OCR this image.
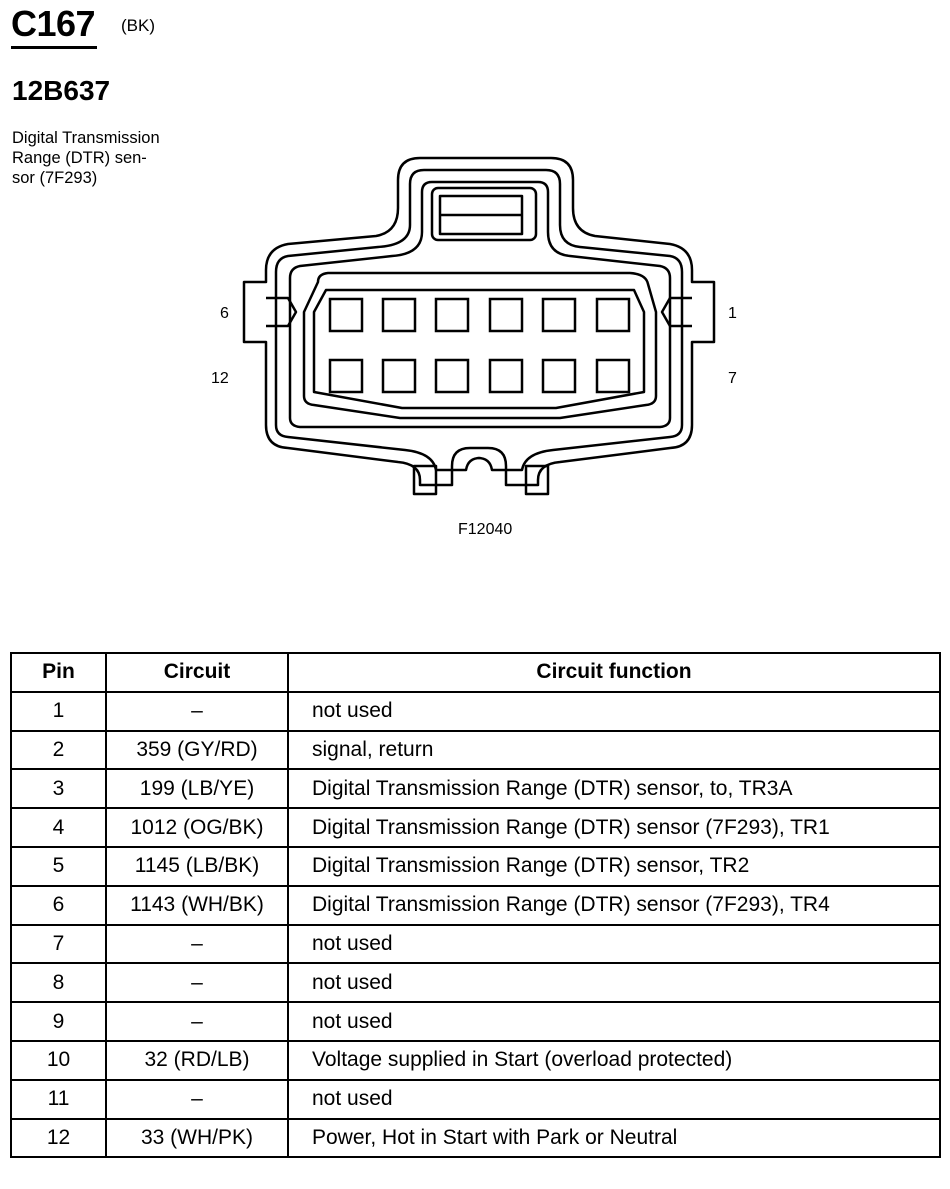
C167 (BK)
12B637
Digital Transmission
Range (DTR) sen-
sor (7F293)
6
12
1
7
F12040
Pin	Circuit	Circuit function
1	–	not used
2	359 (GY/RD)	signal, return
3	199 (LB/YE)	Digital Transmission Range (DTR) sensor, to, TR3A
4	1012 (OG/BK)	Digital Transmission Range (DTR) sensor (7F293), TR1
5	1145 (LB/BK)	Digital Transmission Range (DTR) sensor, TR2
6	1143 (WH/BK)	Digital Transmission Range (DTR) sensor (7F293), TR4
7	–	not used
8	–	not used
9	–	not used
10	32 (RD/LB)	Voltage supplied in Start (overload protected)
11	–	not used
12	33 (WH/PK)	Power, Hot in Start with Park or Neutral
